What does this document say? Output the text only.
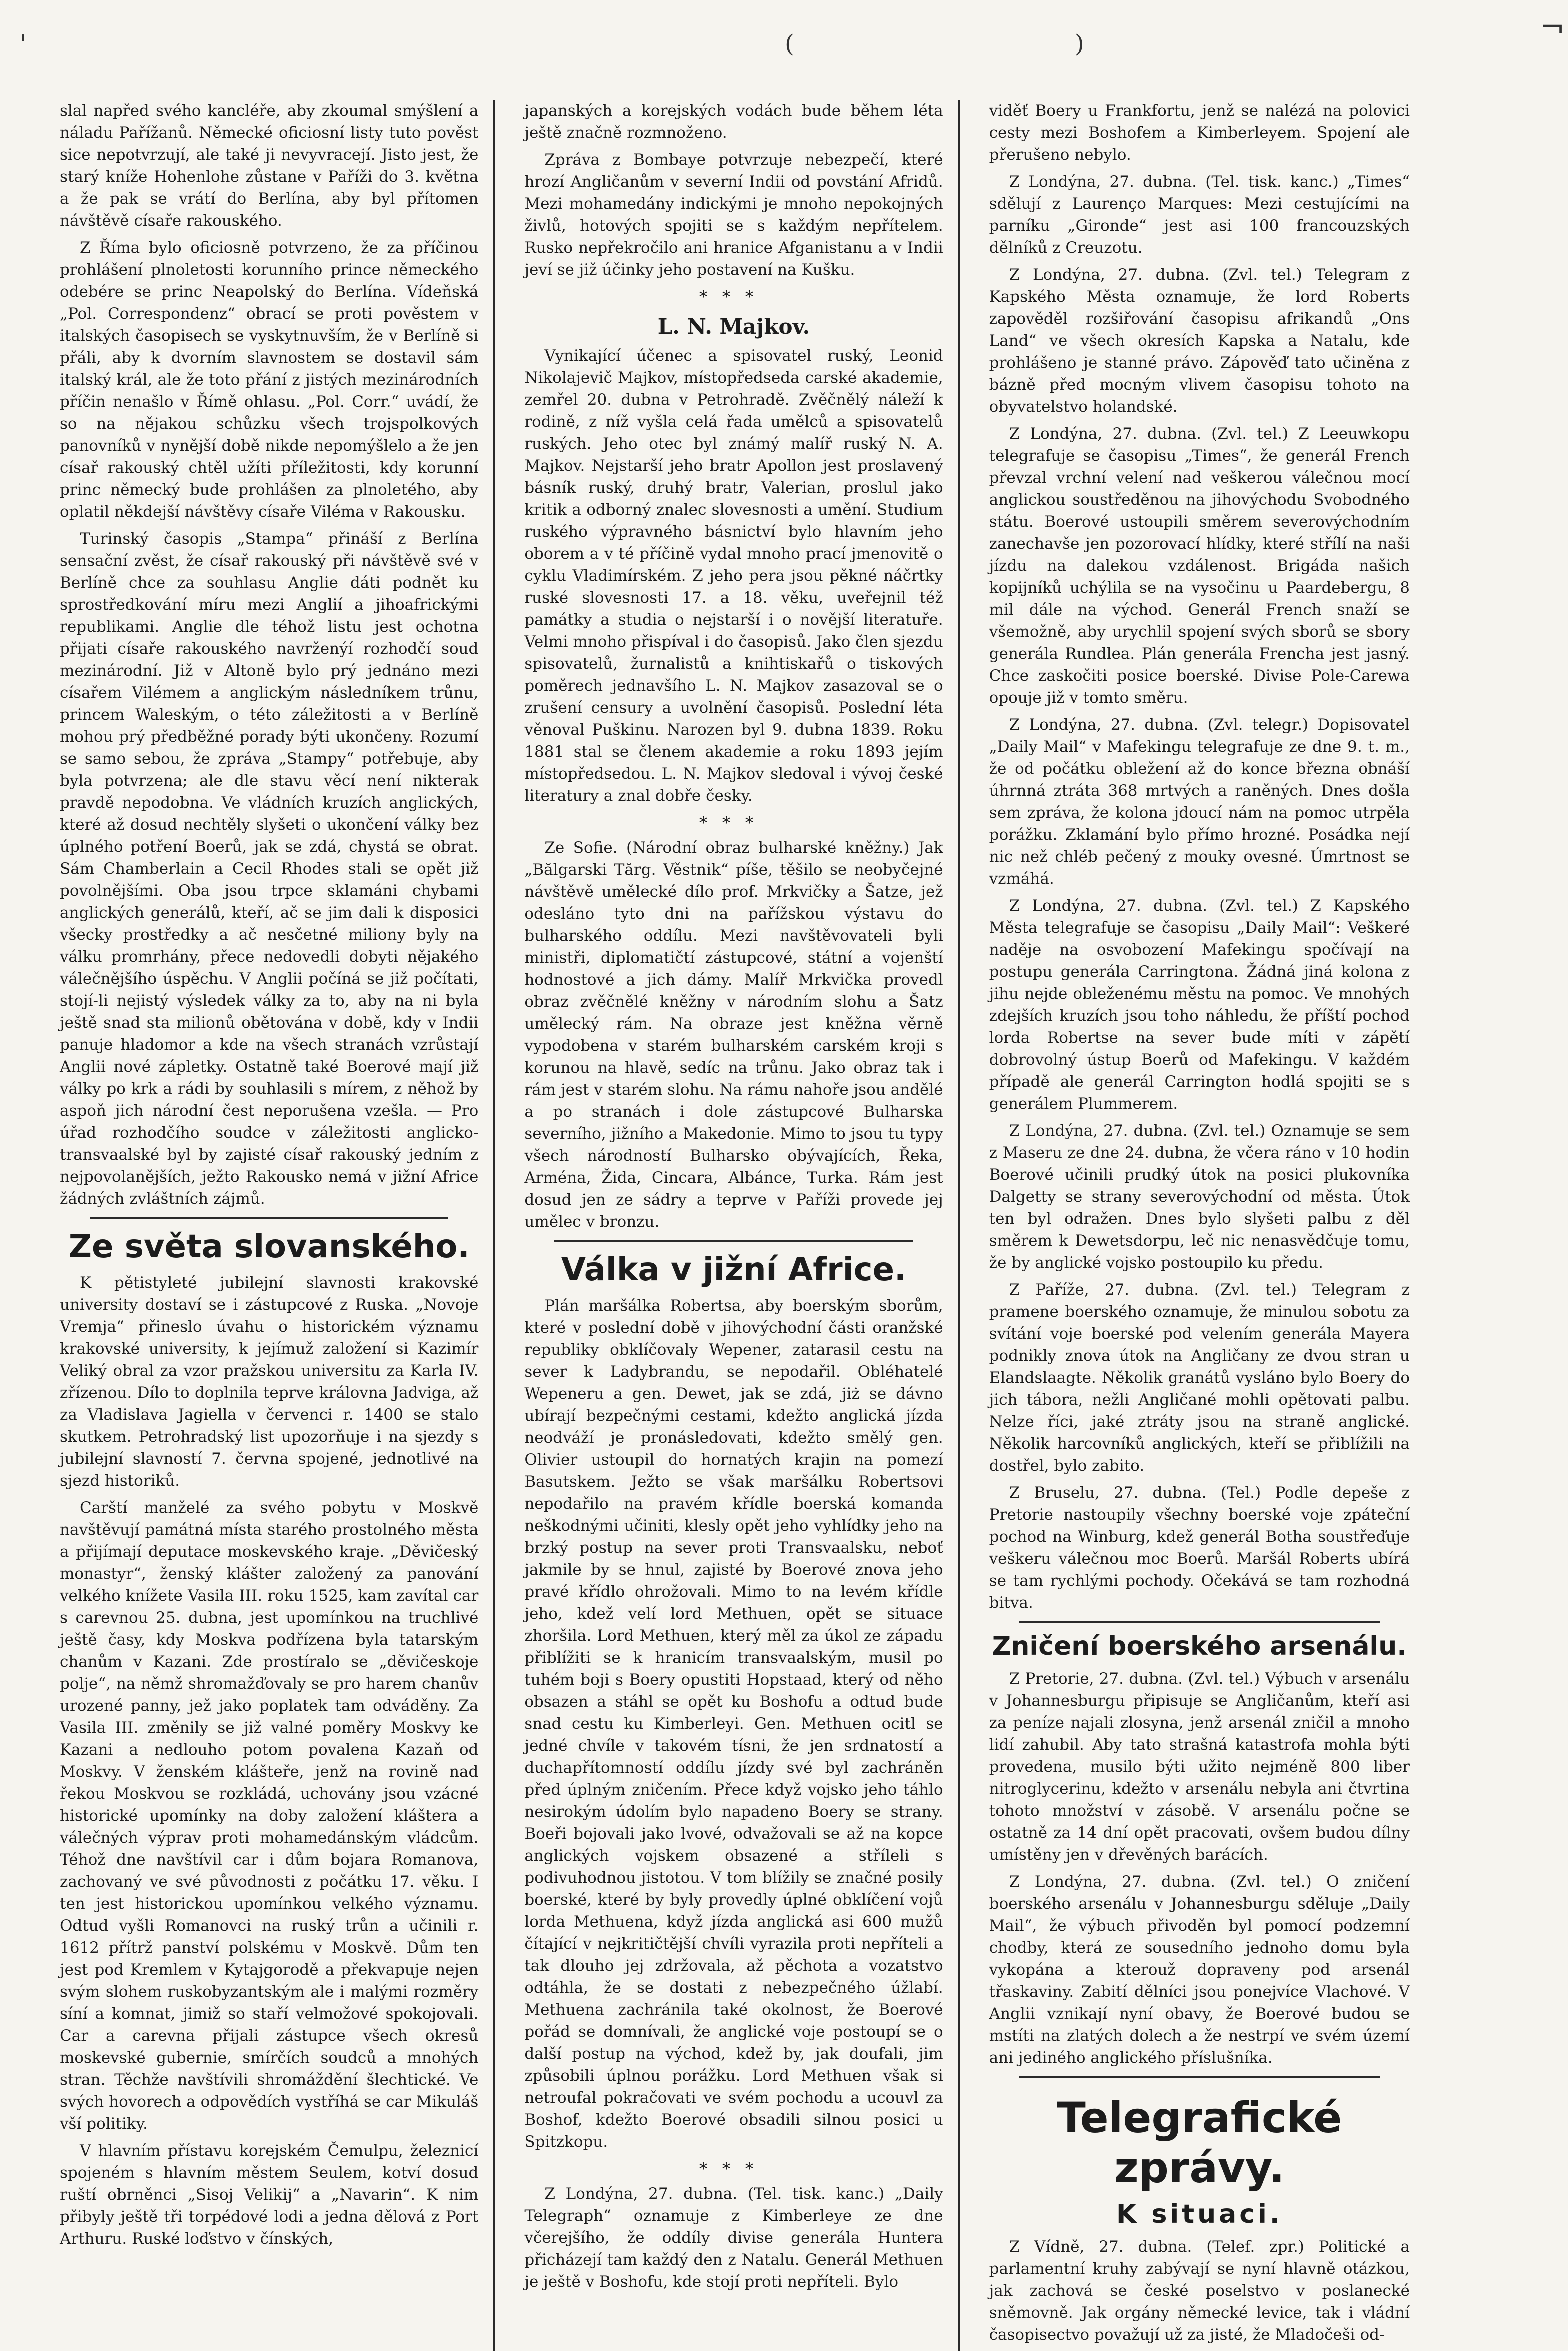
'	(	)	¬

slal napřed svého kancléře, aby zkoumal smýšlení a náladu Pařížanů. Německé oficiosní listy tuto pověst sice nepotvrzují, ale také ji nevyvracejí. Jisto jest, že starý kníže Hohenlohe zůstane v Paříži do 3. května a že pak se vrátí do Berlína, aby byl přítomen návštěvě císaře rakouského.

Z Říma bylo oficiosně potvrzeno, že za příčinou prohlášení plnoletosti korunního prince německého odebére se princ Neapolský do Berlína. Vídeňská „Pol. Correspondenz“ obrací se proti pověstem v italských časopisech se vyskytnuvším, že v Berlíně si přáli, aby k dvorním slavnostem se dostavil sám italský král, ale že toto přání z jistých mezinárodních příčin nenašlo v Římě ohlasu. „Pol. Corr.“ uvádí, že so na nějakou schůzku všech trojspolkových panovníků v nynější době nikde nepomýšlelo a že jen císař rakouský chtěl užíti příležitosti, kdy korunní princ německý bude prohlášen za plnoletého, aby oplatil někdejší návštěvy císaře Viléma v Rakousku.

Turinský časopis „Stampa“ přináší z Berlína sensační zvěst, že císař rakouský při návštěvě své v Berlíně chce za souhlasu Anglie dáti podnět ku sprostředkování míru mezi Anglií a jihoafrickými republikami. Anglie dle téhož listu jest ochotna přijati císaře rakouského navrženýí rozhodčí soud mezinárodní. Již v Altoně bylo prý jednáno mezi císařem Vilémem a anglickým následníkem trůnu, princem Waleským, o této záležitosti a v Berlíně mohou prý předběžné porady býti ukončeny. Rozumí se samo sebou, že zpráva „Stampy“ potřebuje, aby byla potvrzena; ale dle stavu věcí není nikterak pravdě nepodobna. Ve vládních kruzích anglických, které až dosud nechtěly slyšeti o ukončení války bez úplného potření Boerů, jak se zdá, chystá se obrat. Sám Chamberlain a Cecil Rhodes stali se opět již povolnějšími. Oba jsou trpce sklamáni chybami anglických generálů, kteří, ač se jim dali k disposici všecky prostředky a ač nesčetné miliony byly na válku promrhány, přece nedovedli dobyti nějakého válečnějšího úspěchu. V Anglii počíná se již počítati, stojí-li nejistý výsledek války za to, aby na ni byla ještě snad sta milionů obětována v době, kdy v Indii panuje hladomor a kde na všech stranách vzrůstají Anglii nové zápletky. Ostatně také Boerové mají již války po krk a rádi by souhlasili s mírem, z něhož by aspoň jich národní čest neporušena vzešla. — Pro úřad rozhodčího soudce v záležitosti anglicko-transvaalské byl by zajisté císař rakouský jedním z nejpovolanějších, ježto Rakousko nemá v jižní Africe žádných zvláštních zájmů.

Ze světa slovanského.

K pětistyleté jubilejní slavnosti krakovské university dostaví se i zástupcové z Ruska. „Novoje Vremja“ přineslo úvahu o historickém významu krakovské university, k jejímuž založení si Kazimír Veliký obral za vzor pražskou universitu za Karla IV. zřízenou. Dílo to doplnila teprve královna Jadviga, až za Vladislava Jagiella v červenci r. 1400 se stalo skutkem. Petrohradský list upozorňuje i na sjezdy s jubilejní slavností 7. června spojené, jednotlivé na sjezd historiků.

Carští manželé za svého pobytu v Moskvě navštěvují památná místa starého prostolného města a přijímají deputace moskevského kraje. „Děvičeský monastyr“, ženský klášter založený za panování velkého knížete Vasila III. roku 1525, kam zavítal car s carevnou 25. dubna, jest upomínkou na truchlivé ještě časy, kdy Moskva podřízena byla tatarským chanům v Kazani. Zde prostíralo se „děvičeskoje polje“, na němž shromažďovaly se pro harem chanův urozené panny, jež jako poplatek tam odváděny. Za Vasila III. změnily se již valné poměry Moskvy ke Kazani a nedlouho potom povalena Kazaň od Moskvy. V ženském klášteře, jenž na rovině nad řekou Moskvou se rozkládá, uchovány jsou vzácné historické upomínky na doby založení kláštera a válečných výprav proti mohamedánským vládcům. Téhož dne navštívil car i dům bojara Romanova, zachovaný ve své původnosti z počátku 17. věku. I ten jest historickou upomínkou velkého významu. Odtud vyšli Romanovci na ruský trůn a učinili r. 1612 přítrž panství polskému v Moskvě. Dům ten jest pod Kremlem v Kytajgorodě a překvapuje nejen svým slohem ruskobyzantským ale i malými rozměry síní a komnat, jimiž so staří velmožové spokojovali. Car a carevna přijali zástupce všech okresů moskevské gubernie, smírčích soudců a mnohých stran. Těchže navštívili shromáždění šlechtické. Ve svých hovorech a odpovědích vystříhá se car Mikuláš vší politiky.

V hlavním přístavu korejském Čemulpu, železnicí spojeném s hlavním městem Seulem, kotví dosud ruští obrněnci „Sisoj Velikij“ a „Navarin“. K nim přibyly ještě tři torpédové lodi a jedna dělová z Port Arthuru. Ruské loďstvo v čínských,

japanských a korejských vodách bude během léta ještě značně rozmnoženo.

Zpráva z Bombaye potvrzuje nebezpečí, které hrozí Angličanům v severní Indii od povstání Afridů. Mezi mohamedány indickými je mnoho nepokojných živlů, hotových spojiti se s každým nepřítelem. Rusko nepřekročilo ani hranice Afganistanu a v Indii jeví se již účinky jeho postavení na Kušku.

***
L. N. Majkov.

Vynikající účenec a spisovatel ruský, Leonid Nikolajevič Majkov, místopředseda carské akademie, zemřel 20. dubna v Petrohradě. Zvěčnělý náleží k rodině, z níž vyšla celá řada umělců a spisovatelů ruských. Jeho otec byl známý malíř ruský N. A. Majkov. Nejstarší jeho bratr Apollon jest proslavený básník ruský, druhý bratr, Valerian, proslul jako kritik a odborný znalec slovesnosti a umění. Studium ruského výpravného básnictví bylo hlavním jeho oborem a v té příčině vydal mnoho prací jmenovitě o cyklu Vladimírském. Z jeho pera jsou pěkné náčrtky ruské slovesnosti 17. a 18. věku, uveřejnil též památky a studia o nejstarší i o novější literatuře. Velmi mnoho přispíval i do časopisů. Jako člen sjezdu spisovatelů, žurnalistů a knihtiskařů o tiskových poměrech jednavšího L. N. Majkov zasazoval se o zrušení censury a uvolnění časopisů. Poslední léta věnoval Puškinu. Narozen byl 9. dubna 1839. Roku 1881 stal se členem akademie a roku 1893 jejím místopředsedou. L. N. Majkov sledoval i vývoj české literatury a znal dobře česky.

***

Ze Sofie. (Národní obraz bulharské kněžny.) Jak „Bălgarski Tărg. Věstnik“ píše, těšilo se neobyčejné návštěvě umělecké dílo prof. Mrkvičky a Šatze, jež odesláno tyto dni na pařížskou výstavu do bulharského oddílu. Mezi navštěvovateli byli ministři, diplomatičtí zástupcové, státní a vojenští hodnostové a jich dámy. Malíř Mrkvička provedl obraz zvěčnělé kněžny v národním slohu a Šatz umělecký rám. Na obraze jest kněžna věrně vypodobena v starém bulharském carském kroji s korunou na hlavě, sedíc na trůnu. Jako obraz tak i rám jest v starém slohu. Na rámu nahoře jsou andělé a po stranách i dole zástupcové Bulharska severního, jižního a Makedonie. Mimo to jsou tu typy všech národností Bulharsko obývajících, Řeka, Arména, Žida, Cincara, Albánce, Turka. Rám jest dosud jen ze sádry a teprve v Paříži provede jej umělec v bronzu.

Válka v jižní Africe.

Plán maršálka Robertsa, aby boerským sborům, které v poslední době v jihovýchodní části oranžské republiky obklíčovaly Wepener, zatarasil cestu na sever k Ladybrandu, se nepodařil. Obléhatelé Wepeneru a gen. Dewet, jak se zdá, jiż se dávno ubírají bezpečnými cestami, kdežto anglická jízda neodváží je pronásledovati, kdežto smělý gen. Olivier ustoupil do hornatých krajin na pomezí Basutskem. Ježto se však maršálku Robertsovi nepodařilo na pravém křídle boerská komanda neškodnými učiniti, klesly opět jeho vyhlídky jeho na brzký postup na sever proti Transvaalsku, neboť jakmile by se hnul, zajisté by Boerové znova jeho pravé křídlo ohrožovali. Mimo to na levém křídle jeho, kdež velí lord Methuen, opět se situace zhoršila. Lord Methuen, který měl za úkol ze západu přiblížiti se k hranicím transvaalským, musil po tuhém boji s Boery opustiti Hopstaad, který od něho obsazen a stáhl se opět ku Boshofu a odtud bude snad cestu ku Kimberleyi. Gen. Methuen ocitl se jedné chvíle v takovém tísni, že jen srdnatostí a duchapřítomností oddílu jízdy své byl zachráněn před úplným zničením. Přece když vojsko jeho táhlo nesirokým údolím bylo napadeno Boery se strany. Boeři bojovali jako lvové, odvažovali se až na kopce anglických vojskem obsazené a stříleli s podivuhodnou jistotou. V tom blížily se značné posily boerské, které by byly provedly úplné obklíčení vojů lorda Methuena, když jízda anglická asi 600 mužů čítající v nejkritičtější chvíli vyrazila proti nepříteli a tak dlouho jej zdržovala, až pěchota a vozatstvo odtáhla, že se dostati z nebezpečného úžlabí. Methuena zachránila také okolnost, že Boerové pořád se domnívali, že anglické voje postoupí se o další postup na východ, kdež by, jak doufali, jim způsobili úplnou porážku. Lord Methuen však si netroufal pokračovati ve svém pochodu a ucouvl za Boshof, kdežto Boerové obsadili silnou posici u Spitzkopu.

***

Z Londýna, 27. dubna. (Tel. tisk. kanc.) „Daily Telegraph“ oznamuje z Kimberleye ze dne včerejšího, že oddíly divise generála Huntera přicházejí tam každý den z Natalu. Generál Methuen je ještě v Boshofu, kde stojí proti nepříteli. Bylo

viděť Boery u Frankfortu, jenž se nalézá na polovici cesty mezi Boshofem a Kimberleyem. Spojení ale přerušeno nebylo.

Z Londýna, 27. dubna. (Tel. tisk. kanc.) „Times“ sdělují z Laurenço Marques: Mezi cestujícími na parníku „Gironde“ jest asi 100 francouzských dělníků z Creuzotu.

Z Londýna, 27. dubna. (Zvl. tel.) Telegram z Kapského Města oznamuje, že lord Roberts zapověděl rozšiřování časopisu afrikandů „Ons Land“ ve všech okresích Kapska a Natalu, kde prohlášeno je stanné právo. Zápověď tato učiněna z bázně před mocným vlivem časopisu tohoto na obyvatelstvo holandské.

Z Londýna, 27. dubna. (Zvl. tel.) Z Leeuwkopu telegrafuje se časopisu „Times“, že generál French převzal vrchní velení nad veškerou válečnou mocí anglickou soustředěnou na jihovýchodu Svobodného státu. Boerové ustoupili směrem severovýchodním zanechavše jen pozorovací hlídky, které střílí na naši jízdu na dalekou vzdálenost. Brigáda našich kopijníků uchýlila se na vysočinu u Paardebergu, 8 mil dále na východ. Generál French snaží se všemožně, aby urychlil spojení svých sborů se sbory generála Rundlea. Plán generála Frencha jest jasný. Chce zaskočiti posice boerské. Divise Pole-Carewa opouje již v tomto směru.

Z Londýna, 27. dubna. (Zvl. telegr.) Dopisovatel „Daily Mail“ v Mafekingu telegrafuje ze dne 9. t. m., že od počátku obležení až do konce března obnáší úhrnná ztráta 368 mrtvých a raněných. Dnes došla sem zpráva, že kolona jdoucí nám na pomoc utrpěla porážku. Zklamání bylo přímo hrozné. Posádka nejí nic než chléb pečený z mouky ovesné. Úmrtnost se vzmáhá.

Z Londýna, 27. dubna. (Zvl. tel.) Z Kapského Města telegrafuje se časopisu „Daily Mail“: Veškeré naděje na osvobození Mafekingu spočívají na postupu generála Carringtona. Žádná jiná kolona z jihu nejde obleženému městu na pomoc. Ve mnohých zdejších kruzích jsou toho náhledu, že příští pochod lorda Robertse na sever bude míti v zápětí dobrovolný ústup Boerů od Mafekingu. V každém případě ale generál Carrington hodlá spojiti se s generálem Plummerem.

Z Londýna, 27. dubna. (Zvl. tel.) Oznamuje se sem z Maseru ze dne 24. dubna, že včera ráno v 10 hodin Boerové učinili prudký útok na posici plukovníka Dalgetty se strany severovýchodní od města. Útok ten byl odražen. Dnes bylo slyšeti palbu z děl směrem k Dewetsdorpu, leč nic nenasvědčuje tomu, že by anglické vojsko postoupilo ku předu.

Z Paříže, 27. dubna. (Zvl. tel.) Telegram z pramene boerského oznamuje, že minulou sobotu za svítání voje boerské pod velením generála Mayera podnikly znova útok na Angličany ze dvou stran u Elandslaagte. Několik granátů vysláno bylo Boery do jich tábora, nežli Angličané mohli opětovati palbu. Nelze říci, jaké ztráty jsou na straně anglické. Několik harcovníků anglických, kteří se přiblížili na dostřel, bylo zabito.

Z Bruselu, 27. dubna. (Tel.) Podle depeše z Pretorie nastoupily všechny boerské voje zpáteční pochod na Winburg, kdež generál Botha soustřeďuje veškeru válečnou moc Boerů. Maršál Roberts ubírá se tam rychlými pochody. Očekává se tam rozhodná bitva.

Zničení boerského arsenálu.

Z Pretorie, 27. dubna. (Zvl. tel.) Výbuch v arsenálu v Johannesburgu připisuje se Angličanům, kteří asi za peníze najali zlosyna, jenž arsenál zničil a mnoho lidí zahubil. Aby tato strašná katastrofa mohla býti provedena, musilo býti užito nejméně 800 liber nitroglycerinu, kdežto v arsenálu nebyla ani čtvrtina tohoto množství v zásobě. V arsenálu počne se ostatně za 14 dní opět pracovati, ovšem budou dílny umístěny jen v dřevěných barácích.

Z Londýna, 27. dubna. (Zvl. tel.) O zničení boerského arsenálu v Johannesburgu sděluje „Daily Mail“, že výbuch přivoděn byl pomocí podzemní chodby, která ze sousedního jednoho domu byla vykopána a kterouž dopraveny pod arsenál třaskaviny. Zabití dělníci jsou ponejvíce Vlachové. V Anglii vznikají nyní obavy, že Boerové budou se mstíti na zlatých dolech a že nestrpí ve svém území ani jediného anglického příslušníka.

Telegrafické zprávy.
K situaci.

Z Vídně, 27. dubna. (Telef. zpr.) Politické a parlamentní kruhy zabývají se nyní hlavně otázkou, jak zachová se české poselstvo v poslanecké sněmovně. Jak orgány německé levice, tak i vládní časopisectvo považují už za jisté, že Mladočeši od-
